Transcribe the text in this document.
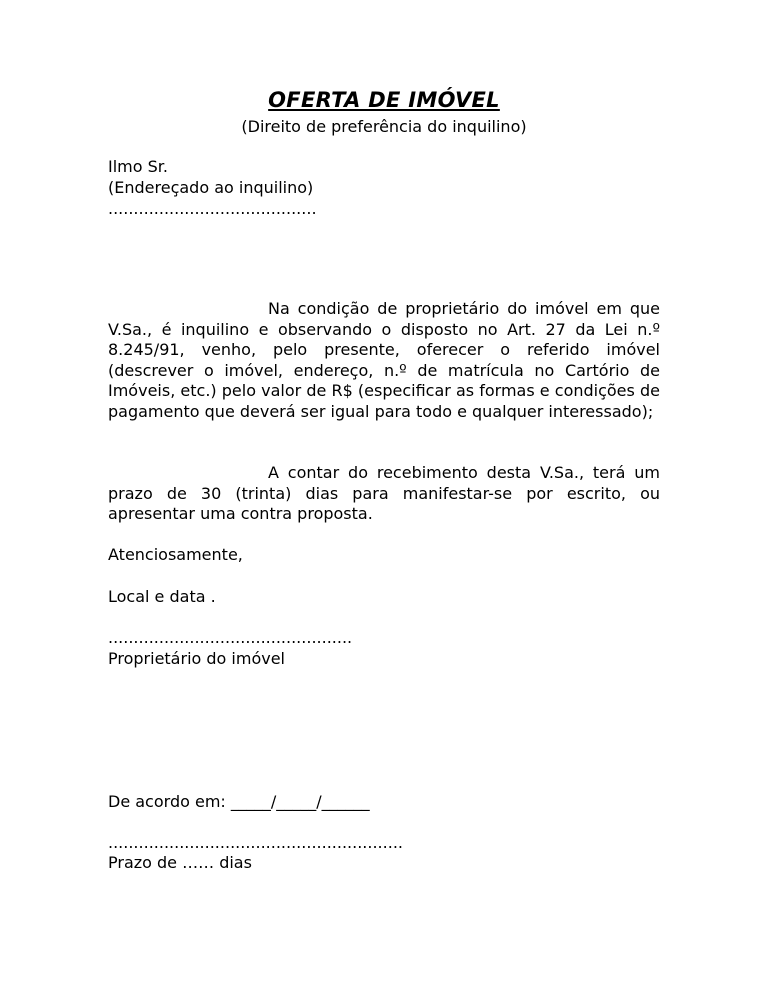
OFERTA DE IMÓVEL
(Direito de preferência do inquilino)
Ilmo Sr.
(Endereçado ao inquilino)
.........................................

Na condição de proprietário do imóvel em que V.Sa., é inquilino e observando o disposto no Art. 27 da Lei n.º 8.245/91, venho, pelo presente, oferecer o referido imóvel (descrever o imóvel, endereço, n.º de matrícula no Cartório de Imóveis, etc.) pelo valor de R$ (especificar as formas e condições de pagamento que deverá ser igual para todo e qualquer interessado);

A contar do recebimento desta V.Sa., terá um prazo de 30 (trinta) dias para manifestar-se por escrito, ou apresentar uma contra proposta.

Atenciosamente,
Local e data .
................................................
Proprietário do imóvel
De acordo em: _____/_____/______
..........................................................
Prazo de …… dias
